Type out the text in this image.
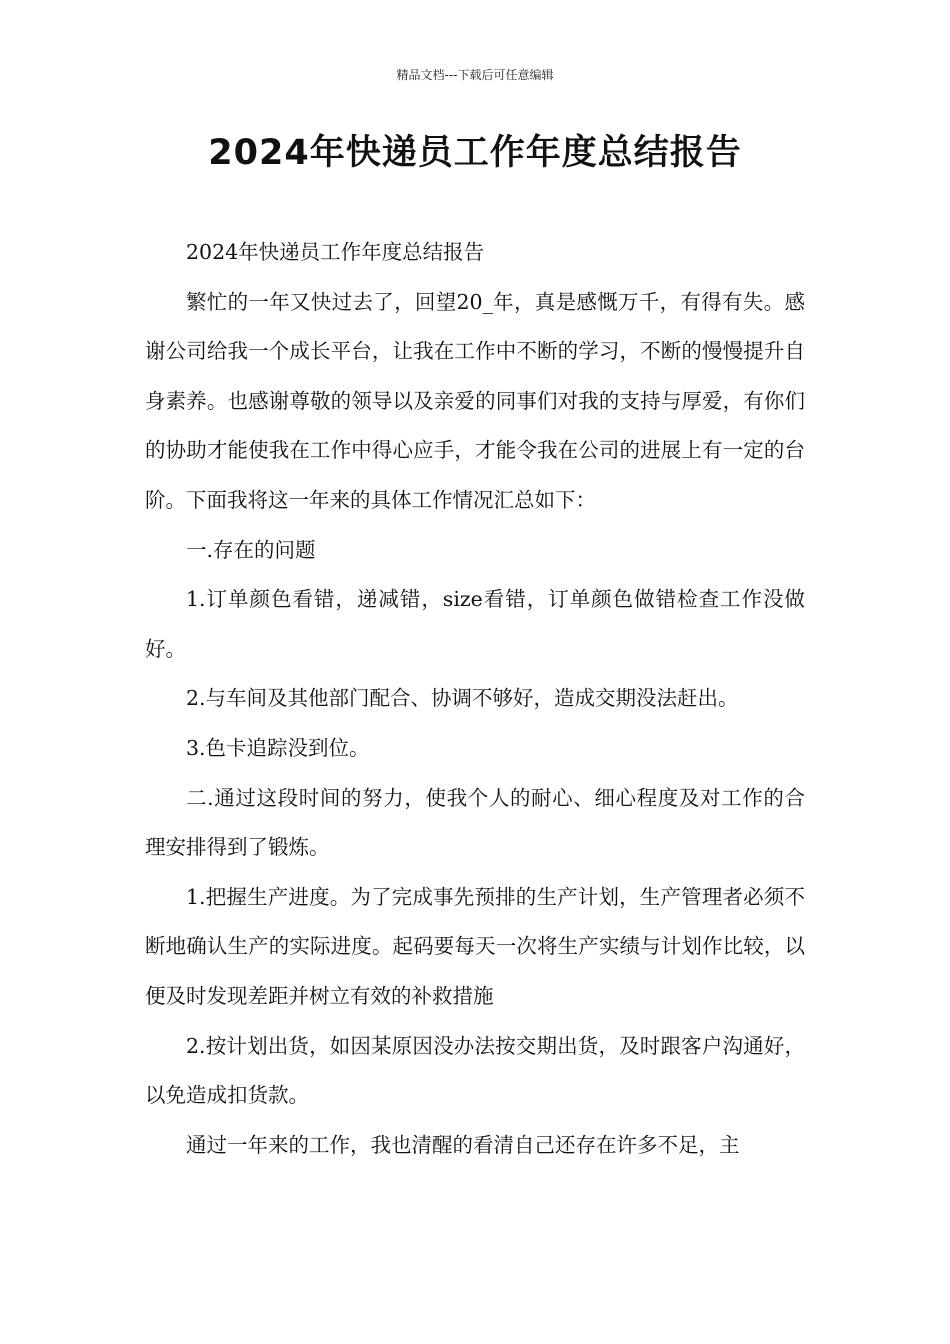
精品文档---下载后可任意编辑
2024年快递员工作年度总结报告

2024年快递员工作年度总结报告

繁忙的一年又快过去了，回望20_年，真是感慨万千，有得有失。感谢公司给我一个成长平台，让我在工作中不断的学习，不断的慢慢提升自身素养。也感谢尊敬的领导以及亲爱的同事们对我的支持与厚爱，有你们的协助才能使我在工作中得心应手，才能令我在公司的进展上有一定的台阶。下面我将这一年来的具体工作情况汇总如下：

一.存在的问题

1.订单颜色看错，递减错，size看错，订单颜色做错检查工作没做好。

2.与车间及其他部门配合、协调不够好，造成交期没法赶出。

3.色卡追踪没到位。

二.通过这段时间的努力，使我个人的耐心、细心程度及对工作的合理安排得到了锻炼。

1.把握生产进度。为了完成事先预排的生产计划，生产管理者必须不断地确认生产的实际进度。起码要每天一次将生产实绩与计划作比较，以便及时发现差距并树立有效的补救措施

2.按计划出货，如因某原因没办法按交期出货，及时跟客户沟通好，以免造成扣货款。

通过一年来的工作，我也清醒的看清自己还存在许多不足，主
